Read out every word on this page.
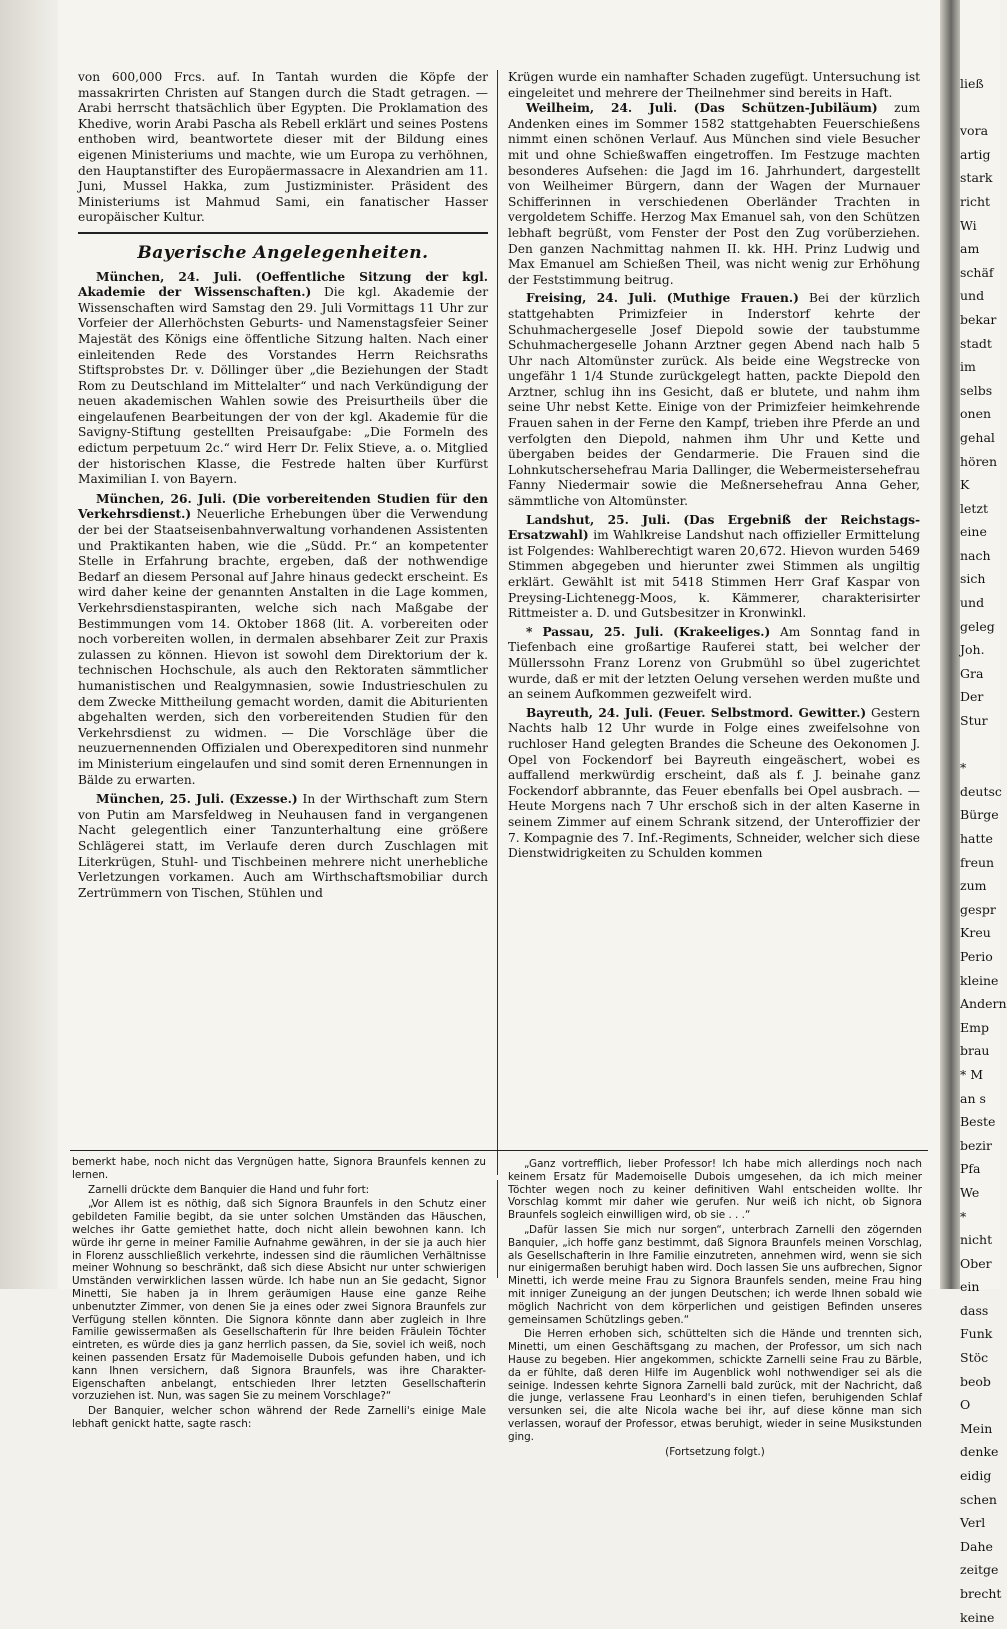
von 600,000 Frcs. auf. In Tantah wurden die Köpfe der massakrirten Christen auf Stangen durch die Stadt getragen. — Arabi herrscht thatsächlich über Egypten. Die Proklamation des Khedive, worin Arabi Pascha als Rebell erklärt und seines Postens enthoben wird, beantwortete dieser mit der Bildung eines eigenen Ministeriums und machte, wie um Europa zu verhöhnen, den Hauptanstifter des Europäermassacre in Alexandrien am 11. Juni, Mussel Hakka, zum Justizminister. Präsident des Ministeriums ist Mahmud Sami, ein fanatischer Hasser europäischer Kultur.

Bayerische Angelegenheiten.

München, 24. Juli. (Oeffentliche Sitzung der kgl. Akademie der Wissenschaften.) Die kgl. Akademie der Wissenschaften wird Samstag den 29. Juli Vormittags 11 Uhr zur Vorfeier der Allerhöchsten Geburts- und Namenstagsfeier Seiner Majestät des Königs eine öffentliche Sitzung halten. Nach einer einleitenden Rede des Vorstandes Herrn Reichsraths Stiftsprobstes Dr. v. Döllinger über „die Beziehungen der Stadt Rom zu Deutschland im Mittelalter“ und nach Verkündigung der neuen akademischen Wahlen sowie des Preisurtheils über die eingelaufenen Bearbeitungen der von der kgl. Akademie für die Savigny-Stiftung gestellten Preisaufgabe: „Die Formeln des edictum perpetuum 2c.“ wird Herr Dr. Felix Stieve, a. o. Mitglied der historischen Klasse, die Festrede halten über Kurfürst Maximilian I. von Bayern.

München, 26. Juli. (Die vorbereitenden Studien für den Verkehrsdienst.) Neuerliche Erhebungen über die Verwendung der bei der Staatseisenbahnverwaltung vorhandenen Assistenten und Praktikanten haben, wie die „Südd. Pr.“ an kompetenter Stelle in Erfahrung brachte, ergeben, daß der nothwendige Bedarf an diesem Personal auf Jahre hinaus gedeckt erscheint. Es wird daher keine der genannten Anstalten in die Lage kommen, Verkehrsdienstaspiranten, welche sich nach Maßgabe der Bestimmungen vom 14. Oktober 1868 (lit. A. vorbereiten oder noch vorbereiten wollen, in dermalen absehbarer Zeit zur Praxis zulassen zu können. Hievon ist sowohl dem Direktorium der k. technischen Hochschule, als auch den Rektoraten sämmtlicher humanistischen und Realgymnasien, sowie Industrieschulen zu dem Zwecke Mittheilung gemacht worden, damit die Abiturienten abgehalten werden, sich den vorbereitenden Studien für den Verkehrsdienst zu widmen. — Die Vorschläge über die neuzuernennenden Offizialen und Oberexpeditoren sind nunmehr im Ministerium eingelaufen und sind somit deren Ernennungen in Bälde zu erwarten.

München, 25. Juli. (Exzesse.) In der Wirthschaft zum Stern von Putin am Marsfeldweg in Neuhausen fand in vergangenen Nacht gelegentlich einer Tanzunterhaltung eine größere Schlägerei statt, im Verlaufe deren durch Zuschlagen mit Literkrügen, Stuhl- und Tischbeinen mehrere nicht unerhebliche Verletzungen vorkamen. Auch am Wirthschaftsmobiliar durch Zertrümmern von Tischen, Stühlen und

Krügen wurde ein namhafter Schaden zugefügt. Untersuchung ist eingeleitet und mehrere der Theilnehmer sind bereits in Haft.

Weilheim, 24. Juli. (Das Schützen-Jubiläum) zum Andenken eines im Sommer 1582 stattgehabten Feuerschießens nimmt einen schönen Verlauf. Aus München sind viele Besucher mit und ohne Schießwaffen eingetroffen. Im Festzuge machten besonderes Aufsehen: die Jagd im 16. Jahrhundert, dargestellt von Weilheimer Bürgern, dann der Wagen der Murnauer Schifferinnen in verschiedenen Oberländer Trachten in vergoldetem Schiffe. Herzog Max Emanuel sah, von den Schützen lebhaft begrüßt, vom Fenster der Post den Zug vorüberziehen. Den ganzen Nachmittag nahmen II. kk. HH. Prinz Ludwig und Max Emanuel am Schießen Theil, was nicht wenig zur Erhöhung der Feststimmung beitrug.

Freising, 24. Juli. (Muthige Frauen.) Bei der kürzlich stattgehabten Primizfeier in Inderstorf kehrte der Schuhmachergeselle Josef Diepold sowie der taubstumme Schuhmachergeselle Johann Arztner gegen Abend nach halb 5 Uhr nach Altomünster zurück. Als beide eine Wegstrecke von ungefähr 1 1/4 Stunde zurückgelegt hatten, packte Diepold den Arztner, schlug ihn ins Gesicht, daß er blutete, und nahm ihm seine Uhr nebst Kette. Einige von der Primizfeier heimkehrende Frauen sahen in der Ferne den Kampf, trieben ihre Pferde an und verfolgten den Diepold, nahmen ihm Uhr und Kette und übergaben beides der Gendarmerie. Die Frauen sind die Lohnkutschersehefrau Maria Dallinger, die Webermeistersehefrau Fanny Niedermair sowie die Meßnersehefrau Anna Geher, sämmtliche von Altomünster.

Landshut, 25. Juli. (Das Ergebniß der Reichstags-Ersatzwahl) im Wahlkreise Landshut nach offizieller Ermittelung ist Folgendes: Wahlberechtigt waren 20,672. Hievon wurden 5469 Stimmen abgegeben und hierunter zwei Stimmen als ungiltig erklärt. Gewählt ist mit 5418 Stimmen Herr Graf Kaspar von Preysing-Lichtenegg-Moos, k. Kämmerer, charakterisirter Rittmeister a. D. und Gutsbesitzer in Kronwinkl.

* Passau, 25. Juli. (Krakeeliges.) Am Sonntag fand in Tiefenbach eine großartige Rauferei statt, bei welcher der Müllerssohn Franz Lorenz von Grubmühl so übel zugerichtet wurde, daß er mit der letzten Oelung versehen werden mußte und an seinem Aufkommen gezweifelt wird.

Bayreuth, 24. Juli. (Feuer. Selbstmord. Gewitter.) Gestern Nachts halb 12 Uhr wurde in Folge eines zweifelsohne von ruchloser Hand gelegten Brandes die Scheune des Oekonomen J. Opel von Fockendorf bei Bayreuth eingeäschert, wobei es auffallend merkwürdig erscheint, daß als f. J. beinahe ganz Fockendorf abbrannte, das Feuer ebenfalls bei Opel ausbrach. — Heute Morgens nach 7 Uhr erschoß sich in der alten Kaserne in seinem Zimmer auf einem Schrank sitzend, der Unteroffizier der 7. Kompagnie des 7. Inf.-Regiments, Schneider, welcher sich diese Dienstwidrigkeiten zu Schulden kommen

bemerkt habe, noch nicht das Vergnügen hatte, Signora Braunfels kennen zu lernen.

Zarnelli drückte dem Banquier die Hand und fuhr fort:

„Vor Allem ist es nöthig, daß sich Signora Braunfels in den Schutz einer gebildeten Familie begibt, da sie unter solchen Umständen das Häuschen, welches ihr Gatte gemiethet hatte, doch nicht allein bewohnen kann. Ich würde ihr gerne in meiner Familie Aufnahme gewähren, in der sie ja auch hier in Florenz ausschließlich verkehrte, indessen sind die räumlichen Verhältnisse meiner Wohnung so beschränkt, daß sich diese Absicht nur unter schwierigen Umständen verwirklichen lassen würde. Ich habe nun an Sie gedacht, Signor Minetti, Sie haben ja in Ihrem geräumigen Hause eine ganze Reihe unbenutzter Zimmer, von denen Sie ja eines oder zwei Signora Braunfels zur Verfügung stellen könnten. Die Signora könnte dann aber zugleich in Ihre Familie gewissermaßen als Gesellschafterin für Ihre beiden Fräulein Töchter eintreten, es würde dies ja ganz herrlich passen, da Sie, soviel ich weiß, noch keinen passenden Ersatz für Mademoiselle Dubois gefunden haben, und ich kann Ihnen versichern, daß Signora Braunfels, was ihre Charakter-Eigenschaften anbelangt, entschieden Ihrer letzten Gesellschafterin vorzuziehen ist. Nun, was sagen Sie zu meinem Vorschlage?“

Der Banquier, welcher schon während der Rede Zarnelli's einige Male lebhaft genickt hatte, sagte rasch:

„Ganz vortrefflich, lieber Professor! Ich habe mich allerdings noch nach keinem Ersatz für Mademoiselle Dubois umgesehen, da ich mich meiner Töchter wegen noch zu keiner definitiven Wahl entscheiden wollte. Ihr Vorschlag kommt mir daher wie gerufen. Nur weiß ich nicht, ob Signora Braunfels sogleich einwilligen wird, ob sie . . .“

„Dafür lassen Sie mich nur sorgen“, unterbrach Zarnelli den zögernden Banquier, „ich hoffe ganz bestimmt, daß Signora Braunfels meinen Vorschlag, als Gesellschafterin in Ihre Familie einzutreten, annehmen wird, wenn sie sich nur einigermaßen beruhigt haben wird. Doch lassen Sie uns aufbrechen, Signor Minetti, ich werde meine Frau zu Signora Braunfels senden, meine Frau hing mit inniger Zuneigung an der jungen Deutschen; ich werde Ihnen sobald wie möglich Nachricht von dem körperlichen und geistigen Befinden unseres gemeinsamen Schützlings geben.“

Die Herren erhoben sich, schüttelten sich die Hände und trennten sich, Minetti, um einen Geschäftsgang zu machen, der Professor, um sich nach Hause zu begeben. Hier angekommen, schickte Zarnelli seine Frau zu Bärble, da er fühlte, daß deren Hilfe im Augenblick wohl nothwendiger sei als die seinige. Indessen kehrte Signora Zarnelli bald zurück, mit der Nachricht, daß die junge, verlassene Frau Leonhard's in einen tiefen, beruhigenden Schlaf versunken sei, die alte Nicola wache bei ihr, auf diese könne man sich verlassen, worauf der Professor, etwas beruhigt, wieder in seine Musikstunden ging.

(Fortsetzung folgt.)

ließ
vora
artig
stark
richt
Wi
am
schäf
und
bekar
stadt
im
selbs
onen
gehal
hören
K
letzt
eine
nach
sich
und
geleg
Joh.
Gra
Der
Stur
*
deutsc
Bürge
hatte
freun
zum
gespr
Kreu
Perio
kleine
Andern
Emp
brau
* M
an s
Beste
bezir
Pfa
We
*
nicht
Ober
ein
dass
Funk
Stöc
beob
O
Mein
denke
eidig
schen
Verl
Dahe
zeitge
brecht
keine
